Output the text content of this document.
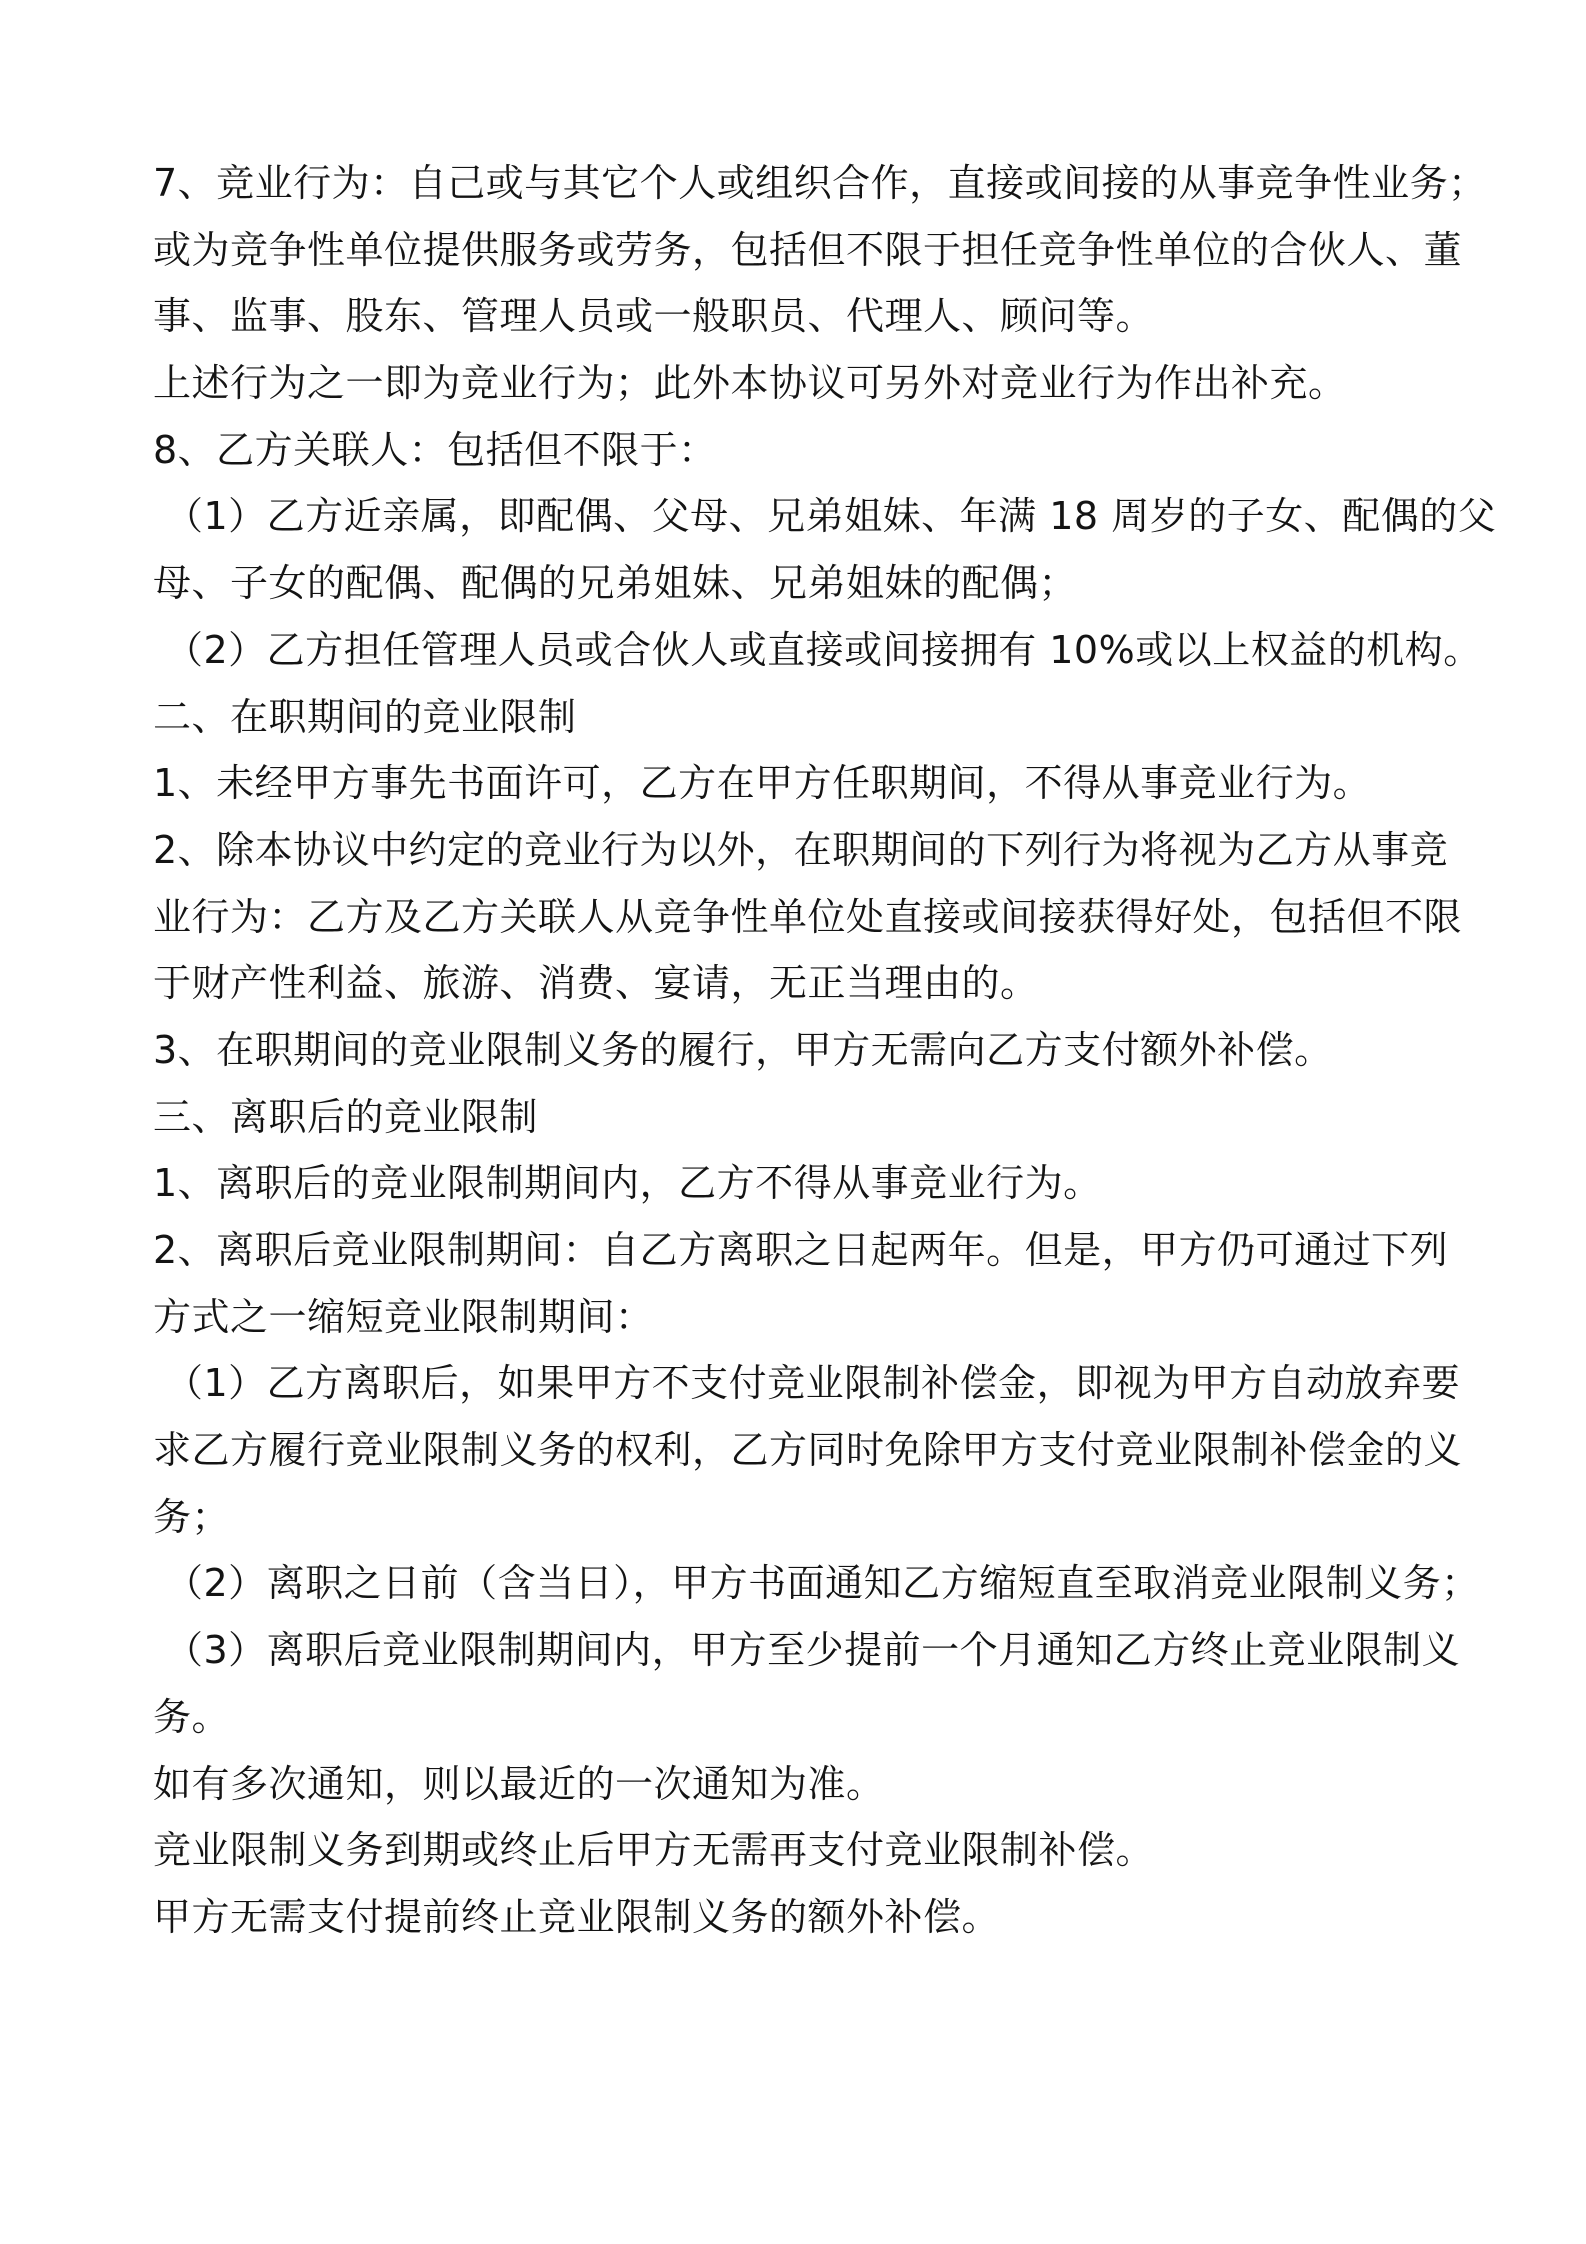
7、竞业行为：自己或与其它个人或组织合作，直接或间接的从事竞争性业务；
或为竞争性单位提供服务或劳务，包括但不限于担任竞争性单位的合伙人、董
事、监事、股东、管理人员或一般职员、代理人、顾问等。
上述行为之一即为竞业行为；此外本协议可另外对竞业行为作出补充。
8、乙方关联人：包括但不限于：
（1）乙方近亲属，即配偶、父母、兄弟姐妹、年满 18 周岁的子女、配偶的父
母、子女的配偶、配偶的兄弟姐妹、兄弟姐妹的配偶；
（2）乙方担任管理人员或合伙人或直接或间接拥有 10%或以上权益的机构。
二、在职期间的竞业限制
1、未经甲方事先书面许可，乙方在甲方任职期间，不得从事竞业行为。
2、除本协议中约定的竞业行为以外，在职期间的下列行为将视为乙方从事竞
业行为：乙方及乙方关联人从竞争性单位处直接或间接获得好处，包括但不限
于财产性利益、旅游、消费、宴请，无正当理由的。
3、在职期间的竞业限制义务的履行，甲方无需向乙方支付额外补偿。
三、离职后的竞业限制
1、离职后的竞业限制期间内，乙方不得从事竞业行为。
2、离职后竞业限制期间：自乙方离职之日起两年。但是，甲方仍可通过下列
方式之一缩短竞业限制期间：
（1）乙方离职后，如果甲方不支付竞业限制补偿金，即视为甲方自动放弃要
求乙方履行竞业限制义务的权利，乙方同时免除甲方支付竞业限制补偿金的义
务；
（2）离职之日前（含当日），甲方书面通知乙方缩短直至取消竞业限制义务；
（3）离职后竞业限制期间内，甲方至少提前一个月通知乙方终止竞业限制义
务。
如有多次通知，则以最近的一次通知为准。
竞业限制义务到期或终止后甲方无需再支付竞业限制补偿。
甲方无需支付提前终止竞业限制义务的额外补偿。
